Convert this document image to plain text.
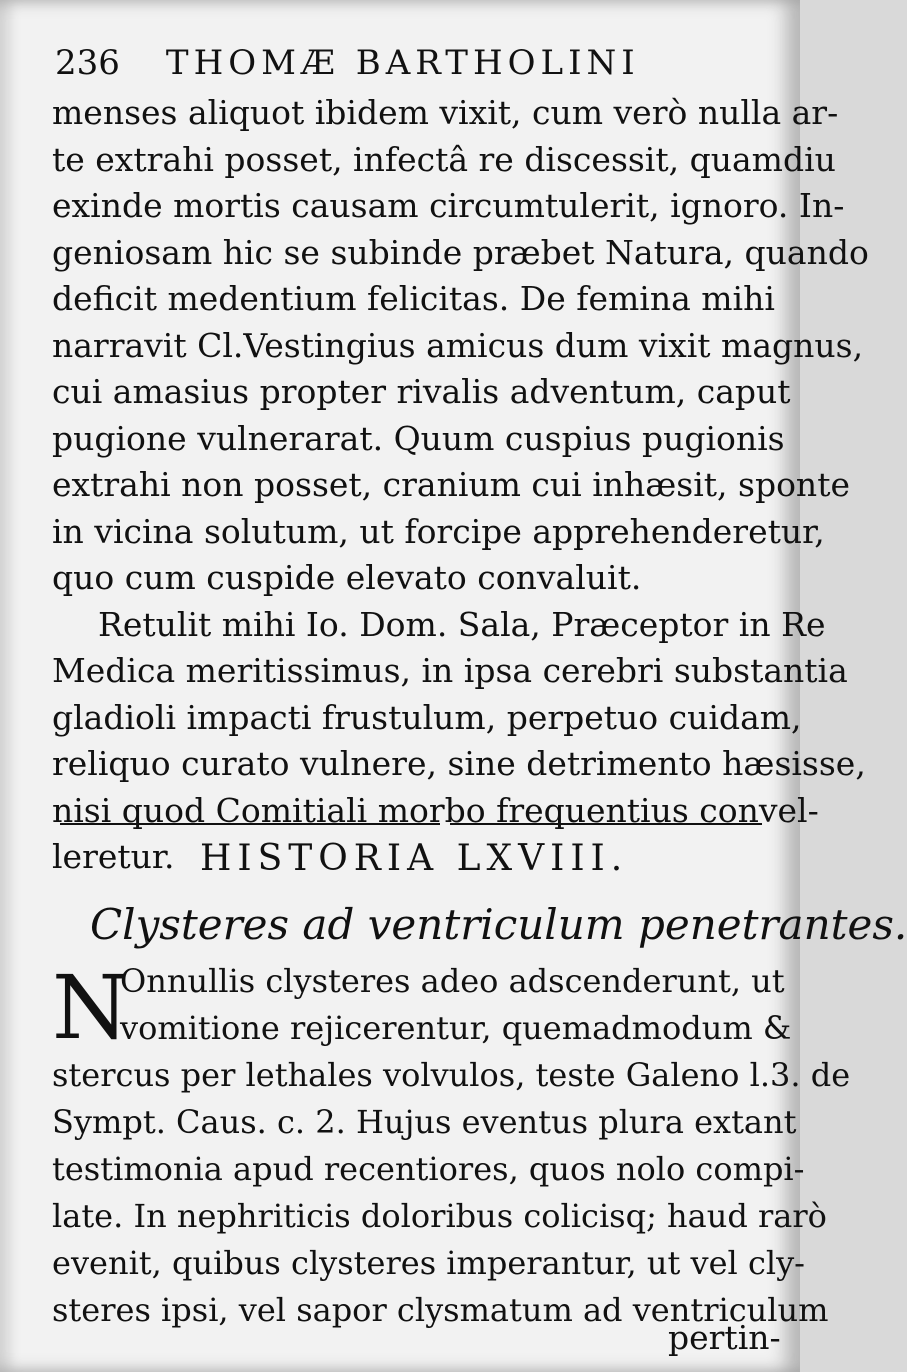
236 THOMÆ BARTHOLINI
menses aliquot ibidem vixit, cum verò nulla ar-
te extrahi posset, infectâ re discessit, quamdiu
exinde mortis causam circumtulerit, ignoro. In-
geniosam hic se subinde præbet Natura, quando
deficit medentium felicitas. De femina mihi
narravit Cl.Vestingius amicus dum vixit magnus,
cui amasius propter rivalis adventum, caput
pugione vulnerarat. Quum cuspius pugionis
extrahi non posset, cranium cui inhæsit, sponte
in vicina solutum, ut forcipe apprehenderetur,
quo cum cuspide elevato convaluit.
Retulit mihi Io. Dom. Sala, Præceptor in Re
Medica meritissimus, in ipsa cerebri substantia
gladioli impacti frustulum, perpetuo cuidam,
reliquo curato vulnere, sine detrimento hæsisse,
nisi quod Comitiali morbo frequentius convel-
leretur. HISTORIA LXVIII.
Clysteres ad ventriculum penetrantes.
N
Onnullis clysteres adeo adscenderunt, ut
vomitione rejicerentur, quemadmodum &
stercus per lethales volvulos, teste Galeno l.3. de
Sympt. Caus. c. 2. Hujus eventus plura extant
testimonia apud recentiores, quos nolo compi-
late. In nephriticis doloribus colicisq; haud rarò
evenit, quibus clysteres imperantur, ut vel cly-
steres ipsi, vel sapor clysmatum ad ventriculum
pertin-
